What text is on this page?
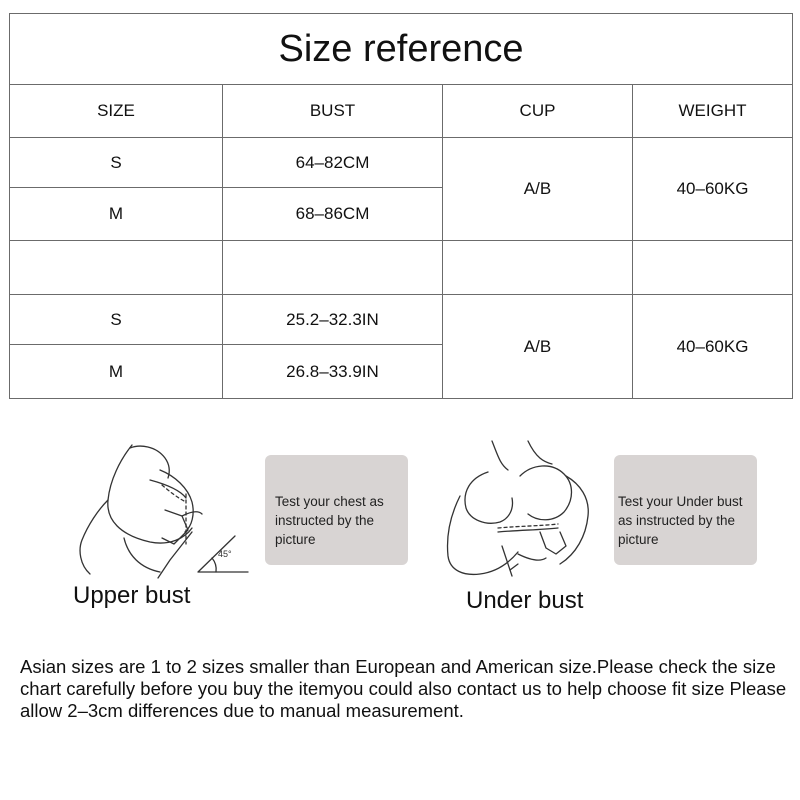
Size reference			
SIZE	BUST	CUP	WEIGHT
S	64–82CM	A/B	40–60KG
M	68–86CM		

S	25.2–32.3IN	A/B	40–60KG
M	26.8–33.9IN		
45°
Test your chest as instructed by the picture
Upper bust
Test your Under bust as instructed by the picture
Under bust
Asian sizes are 1 to 2 sizes smaller than European and American size.Please check the size chart carefully before you buy the itemyou could also contact us to help choose fit size Please allow 2–3cm differences due to manual measurement.
